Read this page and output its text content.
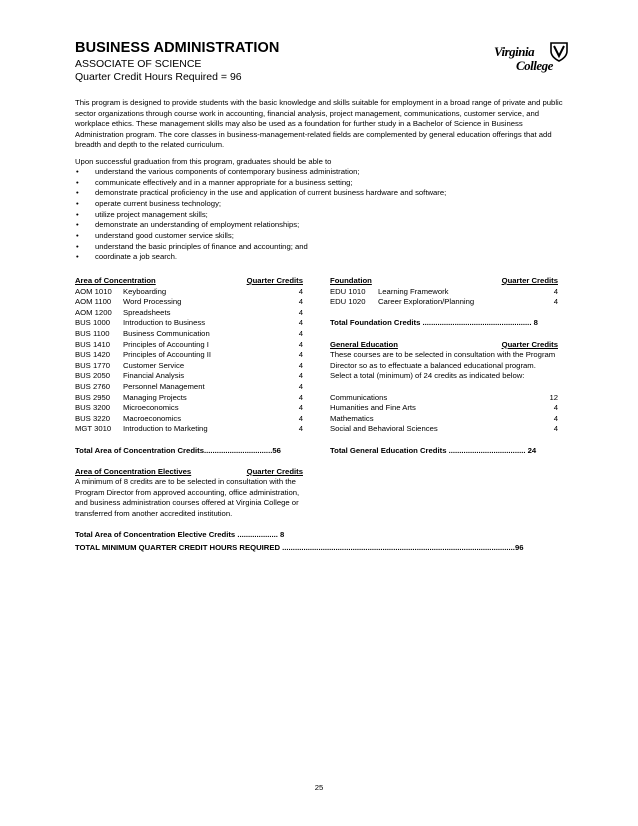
BUSINESS ADMINISTRATION
ASSOCIATE OF SCIENCE
Quarter Credit Hours Required = 96
Virginia
College

This program is designed to provide students with the basic knowledge and skills suitable for employment in a broad range of private and public sector organizations through course work in accounting, financial analysis, project management, communications, customer service, and workplace ethics. These management skills may also be used as a foundation for further study in a Bachelor of Science in Business Administration program. The core classes in business-management-related fields are complemented by general education offerings that add breadth and depth to the related curriculum.

Upon successful graduation from this program, graduates should be able to

• understand the various components of contemporary business administration;
• communicate effectively and in a manner appropriate for a business setting;
• demonstrate practical proficiency in the use and application of current business hardware and software;
• operate current business technology;
• utilize project management skills;
• demonstrate an understanding of employment relationships;
• understand good customer service skills;
• understand the basic principles of finance and accounting; and
• coordinate a job search.
Area of Concentration	Quarter Credits
AOM 1010	Keyboarding	4
AOM 1100	Word Processing	4
AOM 1200	Spreadsheets	4
BUS 1000	Introduction to Business	4
BUS 1100	Business Communication	4
BUS 1410	Principles of Accounting I	4
BUS 1420	Principles of Accounting II	4
BUS 1770	Customer Service	4
BUS 2050	Financial Analysis	4
BUS 2760	Personnel Management	4
BUS 2950	Managing Projects	4
BUS 3200	Microeconomics	4
BUS 3220	Macroeconomics	4
MGT 3010	Introduction to Marketing	4
Total Area of Concentration Credits................................56
Area of Concentration Electives	Quarter Credits

A minimum of 8 credits are to be selected in consultation with the Program Director from approved accounting, office administration, and business administration courses offered at Virginia College or transferred from another accredited institution.

Total Area of Concentration Elective Credits ................... 8
Foundation	Quarter Credits
EDU 1010	Learning Framework	4
EDU 1020	Career Exploration/Planning	4
Total Foundation Credits ................................................... 8
General Education	Quarter Credits

These courses are to be selected in consultation with the Program Director so as to effectuate a balanced educational program. Select a total (minimum) of 24 credits as indicated below:

Communications	12
Humanities and Fine Arts	4
Mathematics	4
Social and Behavioral Sciences	4
Total General Education Credits .................................... 24
TOTAL MINIMUM QUARTER CREDIT HOURS REQUIRED .............................................................................................................96
25
